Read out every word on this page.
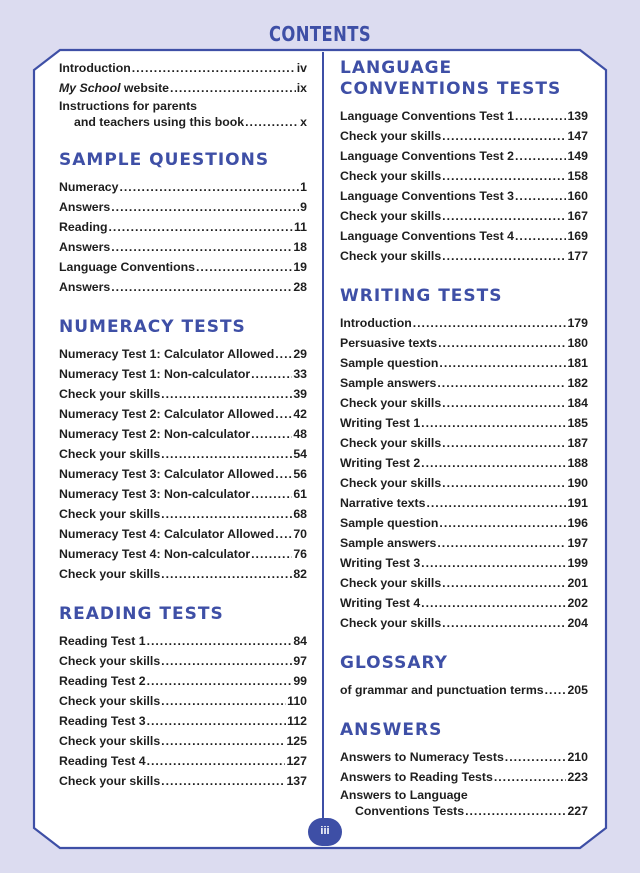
CONTENTS
Introduction .....	iv
My School website .....	ix
Instructions for parents
and teachers using this book .....	x
SAMPLE QUESTIONS
Numeracy .....	1
Answers .....	9
Reading .....	11
Answers .....	18
Language Conventions .....	19
Answers .....	28
NUMERACY TESTS
Numeracy Test 1: Calculator Allowed ..... 29
Numeracy Test 1: Non-calculator .....	33
Check your skills .....	39
Numeracy Test 2: Calculator Allowed ..... 42
Numeracy Test 2: Non-calculator .....	48
Check your skills .....	54
Numeracy Test 3: Calculator Allowed ..... 56
Numeracy Test 3: Non-calculator .....	61
Check your skills .....	68
Numeracy Test 4: Calculator Allowed ..... 70
Numeracy Test 4: Non-calculator .....	76
Check your skills .....	82
READING TESTS
Reading Test 1 .....	84
Check your skills .....	97
Reading Test 2 .....	99
Check your skills .....	110
Reading Test 3 .....	112
Check your skills .....	125
Reading Test 4 .....	127
Check your skills .....	137
LANGUAGE CONVENTIONS TESTS
Language Conventions Test 1 .....	139
Check your skills .....	147
Language Conventions Test 2 .....	149
Check your skills .....	158
Language Conventions Test 3 .....	160
Check your skills .....	167
Language Conventions Test 4 .....	169
Check your skills .....	177
WRITING TESTS
Introduction .....	179
Persuasive texts .....	180
Sample question .....	181
Sample answers .....	182
Check your skills .....	184
Writing Test 1 .....	185
Check your skills .....	187
Writing Test 2 .....	188
Check your skills .....	190
Narrative texts .....	191
Sample question .....	196
Sample answers .....	197
Writing Test 3 .....	199
Check your skills .....	201
Writing Test 4 .....	202
Check your skills .....	204
GLOSSARY
of grammar and punctuation terms ..... 205
ANSWERS
Answers to Numeracy Tests .....	210
Answers to Reading Tests .....	223
Answers to Language
Conventions Tests .....	227
iii
